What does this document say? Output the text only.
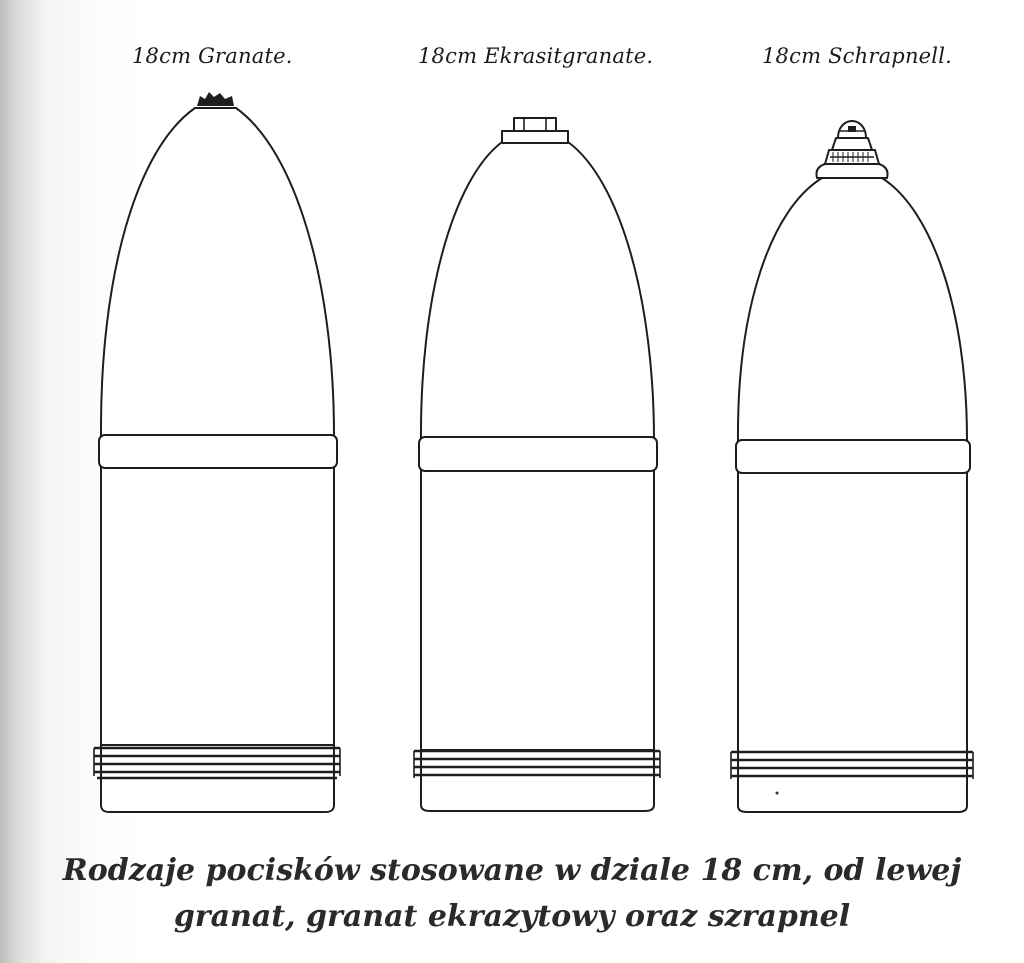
18cm Granate.	18cm Ekrasitgranate.	18cm Schrapnell.
Rodzaje pocisków stosowane w dziale 18 cm, od lewej
granat, granat ekrazytowy oraz szrapnel
